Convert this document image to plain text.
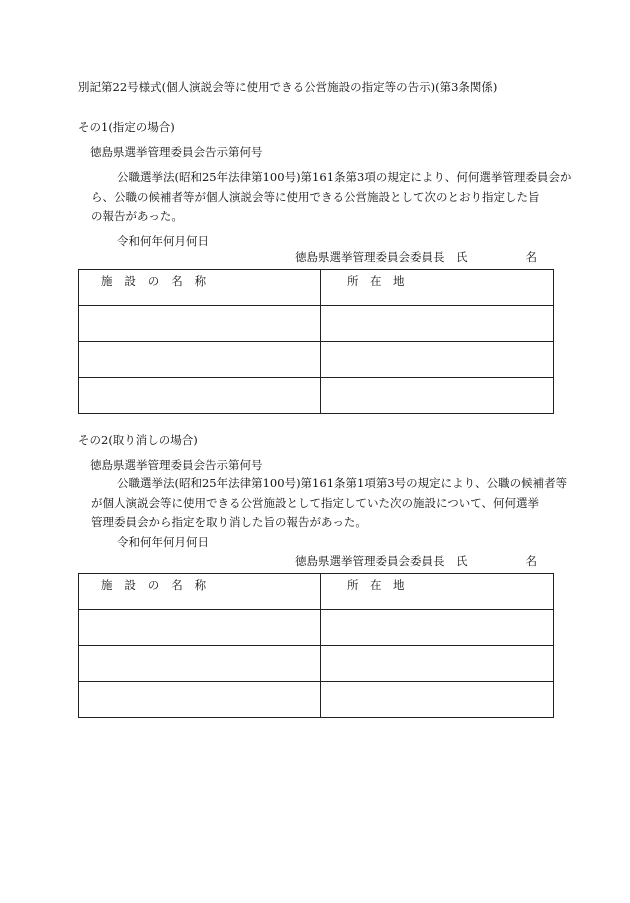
別記第22号様式(個人演説会等に使用できる公営施設の指定等の告示)(第3条関係)
その1(指定の場合)
徳島県選挙管理委員会告示第何号
公職選挙法(昭和25年法律第100号)第161条第3項の規定により、何何選挙管理委員会か
ら、公職の候補者等が個人演説会等に使用できる公営施設として次のとおり指定した旨
の報告があった。
令和何年何月何日
徳島県選挙管理委員会委員長　氏	名
施　設　の　名　称	所　在　地

その2(取り消しの場合)
徳島県選挙管理委員会告示第何号
公職選挙法(昭和25年法律第100号)第161条第1項第3号の規定により、公職の候補者等
が個人演説会等に使用できる公営施設として指定していた次の施設について、何何選挙
管理委員会から指定を取り消した旨の報告があった。
令和何年何月何日
徳島県選挙管理委員会委員長　氏	名
施　設　の　名　称	所　在　地
